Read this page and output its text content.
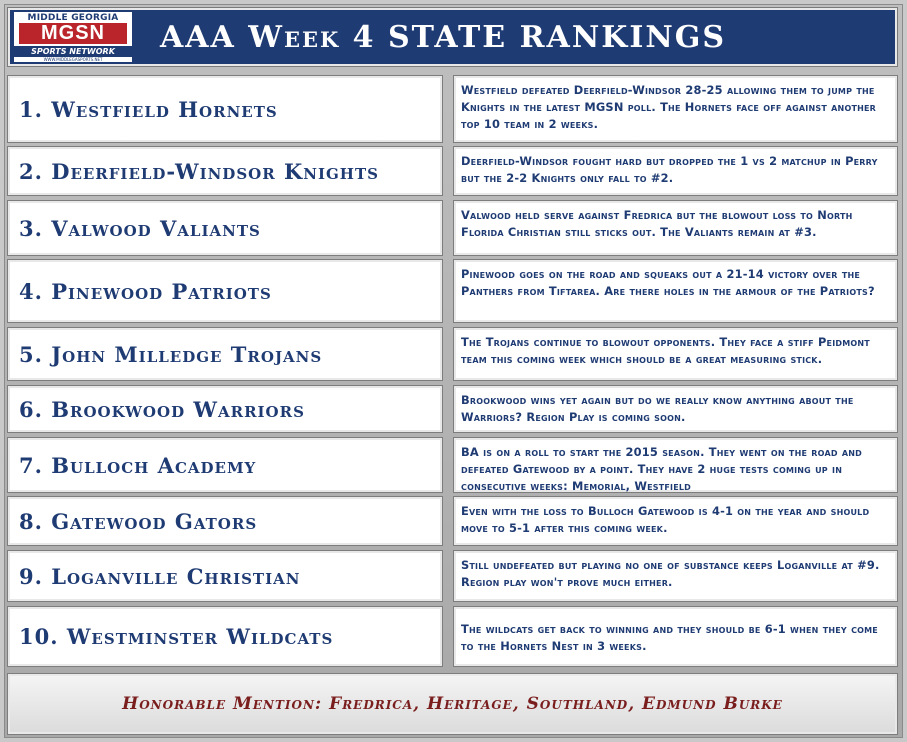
MIDDLE GEORGIA
MGSN
SPORTS NETWORK
WWW.MIDDLEGASPORTS.NET
AAA Week 4 STATE RANKINGS
1. Westfield Hornets
Westfield defeated Deerfield-Windsor 28-25 allowing them to jump the Knights in the latest MGSN poll. The Hornets face off against another top 10 team in 2 weeks.
2. Deerfield-Windsor Knights	Deerfield-Windsor fought hard but dropped the 1 vs 2 matchup in Perry but the 2-2 Knights only fall to #2.
3. Valwood Valiants
Valwood held serve against Fredrica but the blowout loss to North Florida Christian still sticks out. The Valiants remain at #3.
4. Pinewood Patriots
Pinewood goes on the road and squeaks out a 21-14 victory over the Panthers from Tiftarea. Are there holes in the armour of the Patriots?
5. John Milledge Trojans	The Trojans continue to blowout opponents. They face a stiff Peidmont team this coming week which should be a great measuring stick.
6. Brookwood Warriors	Brookwood wins yet again but do we really know anything about the Warriors? Region Play is coming soon.
7. Bulloch Academy
BA is on a roll to start the 2015 season. They went on the road and defeated Gatewood by a point. They have 2 huge tests coming up in consecutive weeks: Memorial, Westfield
8. Gatewood Gators	Even with the loss to Bulloch Gatewood is 4-1 on the year and should move to 5-1 after this coming week.
9. Loganville Christian	Still undefeated but playing no one of substance keeps Loganville at #9. Region play won't prove much either.
10. Westminster Wildcats	The wildcats get back to winning and they should be 6-1 when they come to the Hornets Nest in 3 weeks.
Honorable Mention: Fredrica, Heritage, Southland, Edmund Burke
